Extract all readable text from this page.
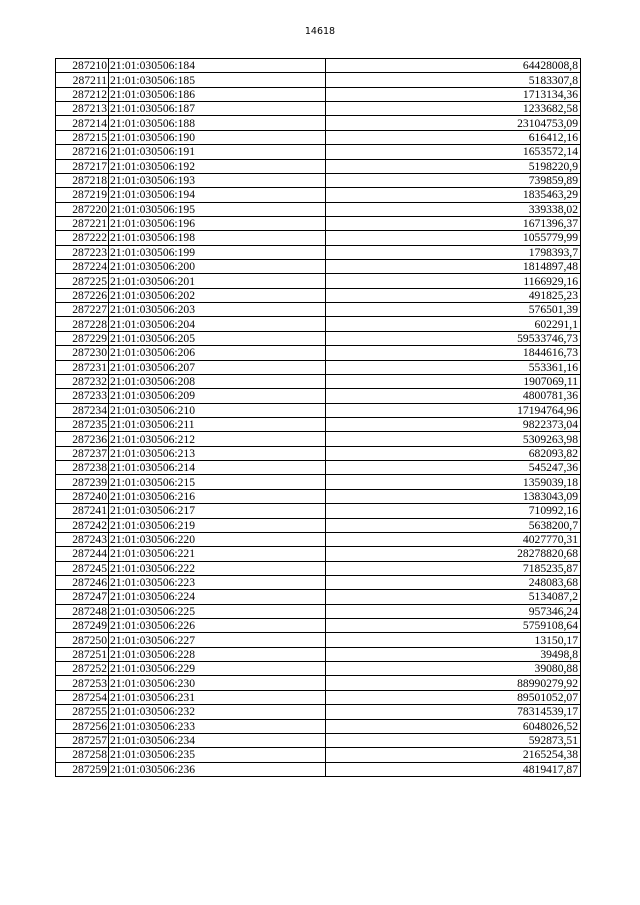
14618
287210	21:01:030506:184	64428008,8
287211	21:01:030506:185	5183307,8
287212	21:01:030506:186	1713134,36
287213	21:01:030506:187	1233682,58
287214	21:01:030506:188	23104753,09
287215	21:01:030506:190	616412,16
287216	21:01:030506:191	1653572,14
287217	21:01:030506:192	5198220,9
287218	21:01:030506:193	739859,89
287219	21:01:030506:194	1835463,29
287220	21:01:030506:195	339338,02
287221	21:01:030506:196	1671396,37
287222	21:01:030506:198	1055779,99
287223	21:01:030506:199	1798393,7
287224	21:01:030506:200	1814897,48
287225	21:01:030506:201	1166929,16
287226	21:01:030506:202	491825,23
287227	21:01:030506:203	576501,39
287228	21:01:030506:204	602291,1
287229	21:01:030506:205	59533746,73
287230	21:01:030506:206	1844616,73
287231	21:01:030506:207	553361,16
287232	21:01:030506:208	1907069,11
287233	21:01:030506:209	4800781,36
287234	21:01:030506:210	17194764,96
287235	21:01:030506:211	9822373,04
287236	21:01:030506:212	5309263,98
287237	21:01:030506:213	682093,82
287238	21:01:030506:214	545247,36
287239	21:01:030506:215	1359039,18
287240	21:01:030506:216	1383043,09
287241	21:01:030506:217	710992,16
287242	21:01:030506:219	5638200,7
287243	21:01:030506:220	4027770,31
287244	21:01:030506:221	28278820,68
287245	21:01:030506:222	7185235,87
287246	21:01:030506:223	248083,68
287247	21:01:030506:224	5134087,2
287248	21:01:030506:225	957346,24
287249	21:01:030506:226	5759108,64
287250	21:01:030506:227	13150,17
287251	21:01:030506:228	39498,8
287252	21:01:030506:229	39080,88
287253	21:01:030506:230	88990279,92
287254	21:01:030506:231	89501052,07
287255	21:01:030506:232	78314539,17
287256	21:01:030506:233	6048026,52
287257	21:01:030506:234	592873,51
287258	21:01:030506:235	2165254,38
287259	21:01:030506:236	4819417,87
